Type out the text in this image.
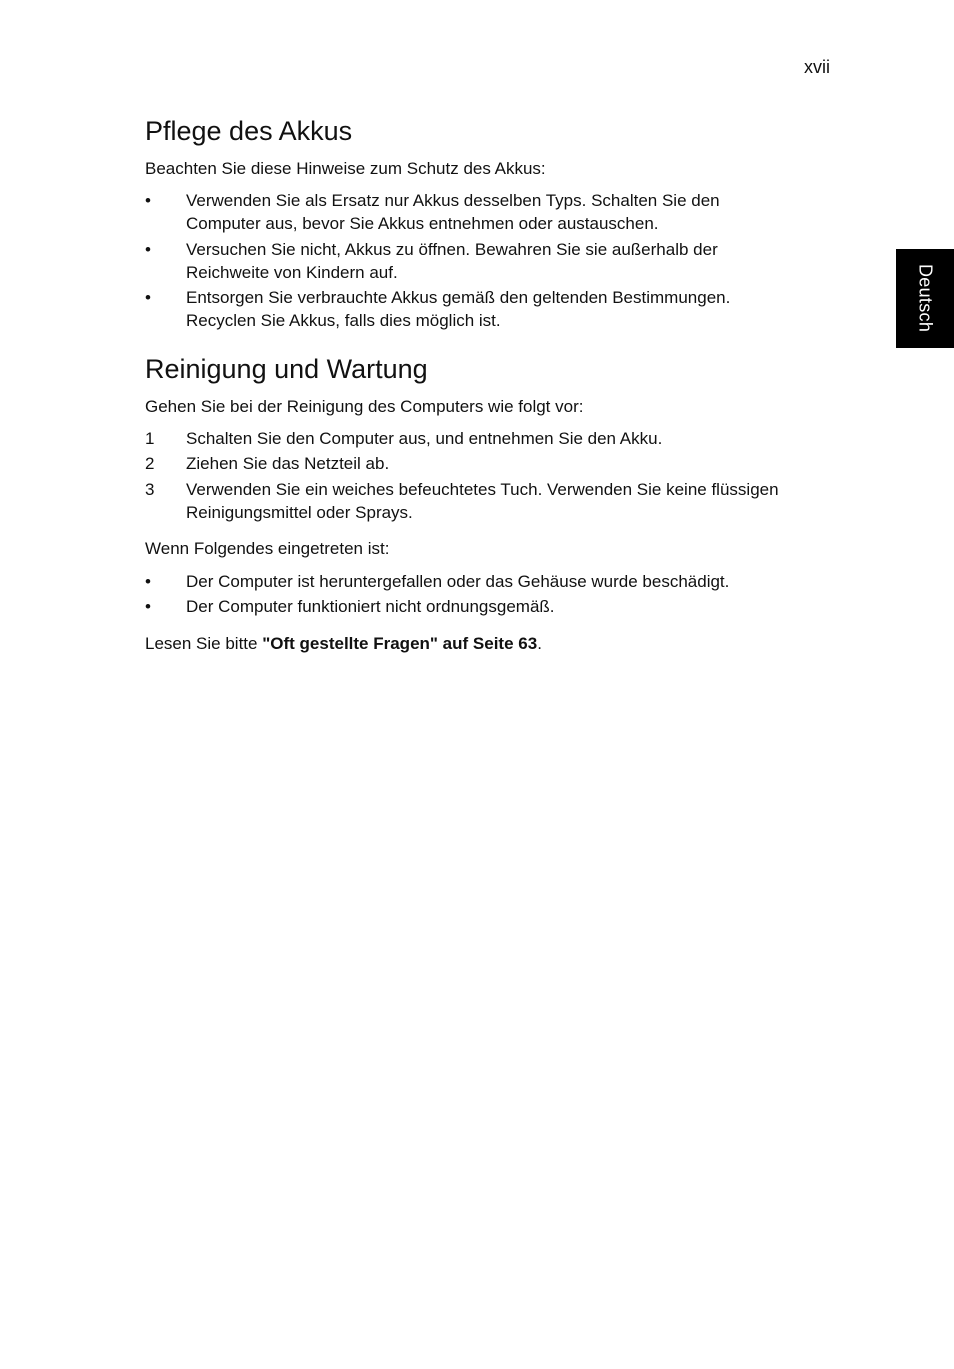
xvii
Deutsch
Pflege des Akkus

Beachten Sie diese Hinweise zum Schutz des Akkus:

• Verwenden Sie als Ersatz nur Akkus desselben Typs. Schalten Sie den
Computer aus, bevor Sie Akkus entnehmen oder austauschen.
• Versuchen Sie nicht, Akkus zu öffnen. Bewahren Sie sie außerhalb der
Reichweite von Kindern auf.
• Entsorgen Sie verbrauchte Akkus gemäß den geltenden Bestimmungen.
Recyclen Sie Akkus, falls dies möglich ist.
Reinigung und Wartung

Gehen Sie bei der Reinigung des Computers wie folgt vor:

1 Schalten Sie den Computer aus, und entnehmen Sie den Akku.
2 Ziehen Sie das Netzteil ab.
3 Verwenden Sie ein weiches befeuchtetes Tuch. Verwenden Sie keine flüssigen
Reinigungsmittel oder Sprays.

Wenn Folgendes eingetreten ist:

• Der Computer ist heruntergefallen oder das Gehäuse wurde beschädigt.
• Der Computer funktioniert nicht ordnungsgemäß.

Lesen Sie bitte "Oft gestellte Fragen" auf Seite 63.
